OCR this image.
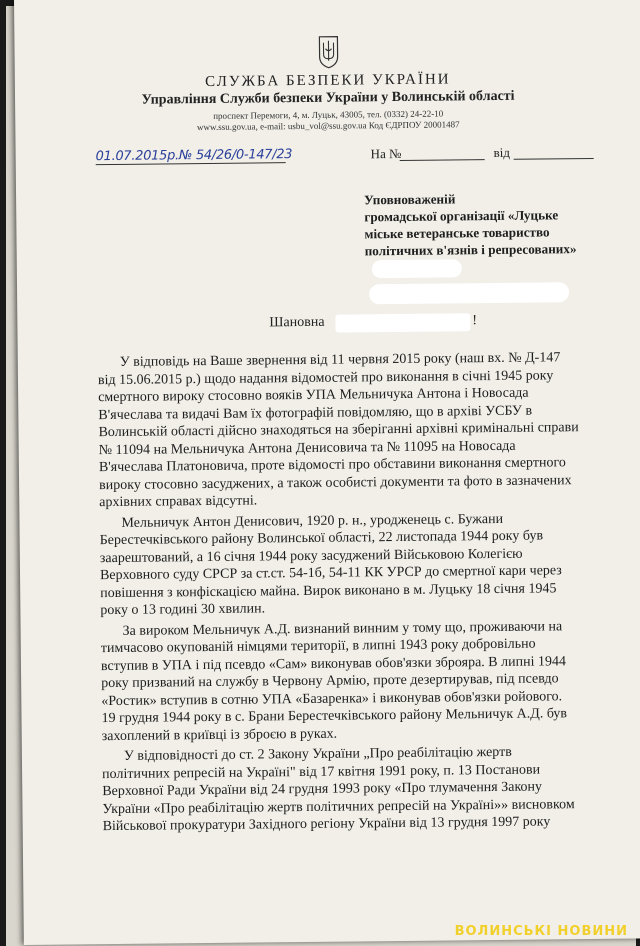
СЛУЖБА БЕЗПЕКИ УКРАЇНИ
Управління Служби безпеки України у Волинській області
проспект Перемоги, 4, м. Луцьк, 43005, тел. (0332) 24-22-10
www.ssu.gov.ua, e-mail: usbu_vol@ssu.gov.ua Код ЄДРПОУ 20001487
01.07.2015р.№ 54/26/0-147/23	На №	від
Уповноваженій
громадської організації «Луцьке
міське ветеранське товариство
політичних в'язнів і репресованих»
Шановна	!

У відповідь на Ваше звернення від 11 червня 2015 року (наш вх. № Д-147
від 15.06.2015 р.) щодо надання відомостей про виконання в січні 1945 року
смертного вироку стосовно вояків УПА Мельничука Антона і Новосада
В'ячеслава та видачі Вам їх фотографій повідомляю, що в архіві УСБУ в
Волинській області дійсно знаходяться на зберіганні архівні кримінальні справи
№ 11094 на Мельничука Антона Денисовича та № 11095 на Новосада
В'ячеслава Платоновича, проте відомості про обставини виконання смертного
вироку стосовно засуджених, а також особисті документи та фото в зазначених
архівних справах відсутні.

Мельничук Антон Денисович, 1920 р. н., уродженець с. Бужани
Берестечківського району Волинської області, 22 листопада 1944 року був
заарештований, а 16 січня 1944 року засуджений Військовою Колегією
Верховного суду СРСР за ст.ст. 54-1б, 54-11 КК УРСР до смертної кари через
повішення з конфіскацією майна. Вирок виконано в м. Луцьку 18 січня 1945
року о 13 годині 30 хвилин.

За вироком Мельничук А.Д. визнаний винним у тому що, проживаючи на
тимчасово окупованій німцями території, в липні 1943 року добровільно
вступив в УПА і під псевдо «Сам» виконував обов'язки зброяра. В липні 1944
року призваний на службу в Червону Армію, проте дезертирував, під псевдо
«Ростик» вступив в сотню УПА «Базаренка» і виконував обов'язки ройового.
19 грудня 1944 року в с. Брани Берестечківського району Мельничук А.Д. був
захоплений в криївці із зброєю в руках.

У відповідності до ст. 2 Закону України „Про реабілітацію жертв
політичних репресій на Україні" від 17 квітня 1991 року, п. 13 Постанови
Верховної Ради України від 24 грудня 1993 року «Про тлумачення Закону
України «Про реабілітацію жертв політичних репресій на Україні»» висновком
Військової прокуратури Західного регіону України від 13 грудня 1997 року

ВОЛИНСЬКІ НОВИНИ
